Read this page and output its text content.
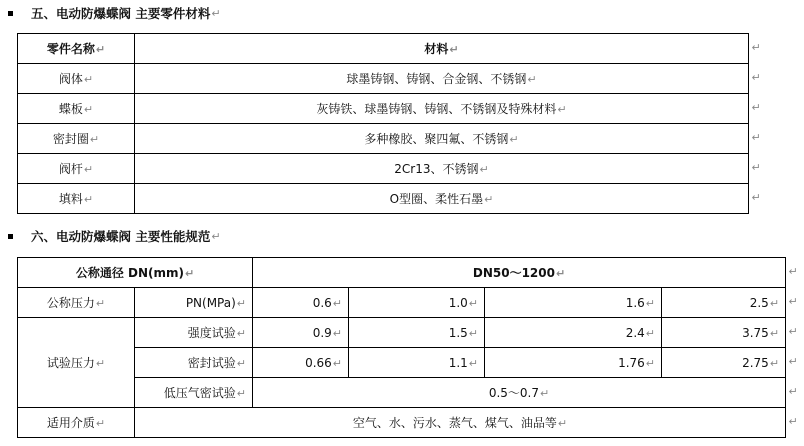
五、电动防爆蝶阀 主要零件材料 ↵
零件名称↵	材料↵
阀体↵	球墨铸钢、铸钢、合金钢、不锈钢↵
蝶板↵	灰铸铁、球墨铸钢、铸钢、不锈钢及特殊材料↵
密封圈↵	多种橡胶、聚四氟、不锈钢↵
阀杆↵	2Cr13、不锈钢↵
填料↵	O型圈、柔性石墨↵
六、电动防爆蝶阀 主要性能规范 ↵
公称通径 DN(mm)↵		DN50～1200↵			
公称压力↵	PN(MPa)↵	0.6↵	1.0↵	1.6↵	2.5↵
试验压力↵	强度试验↵	0.9↵	1.5↵	2.4↵	3.75↵
	密封试验↵	0.66↵	1.1↵	1.76↵	2.75↵
	低压气密试验↵	0.5～0.7↵			
适用介质↵	空气、水、污水、蒸气、煤气、油品等↵				
↵
↵
↵
↵
↵
↵
↵
↵
↵
↵
↵
↵
